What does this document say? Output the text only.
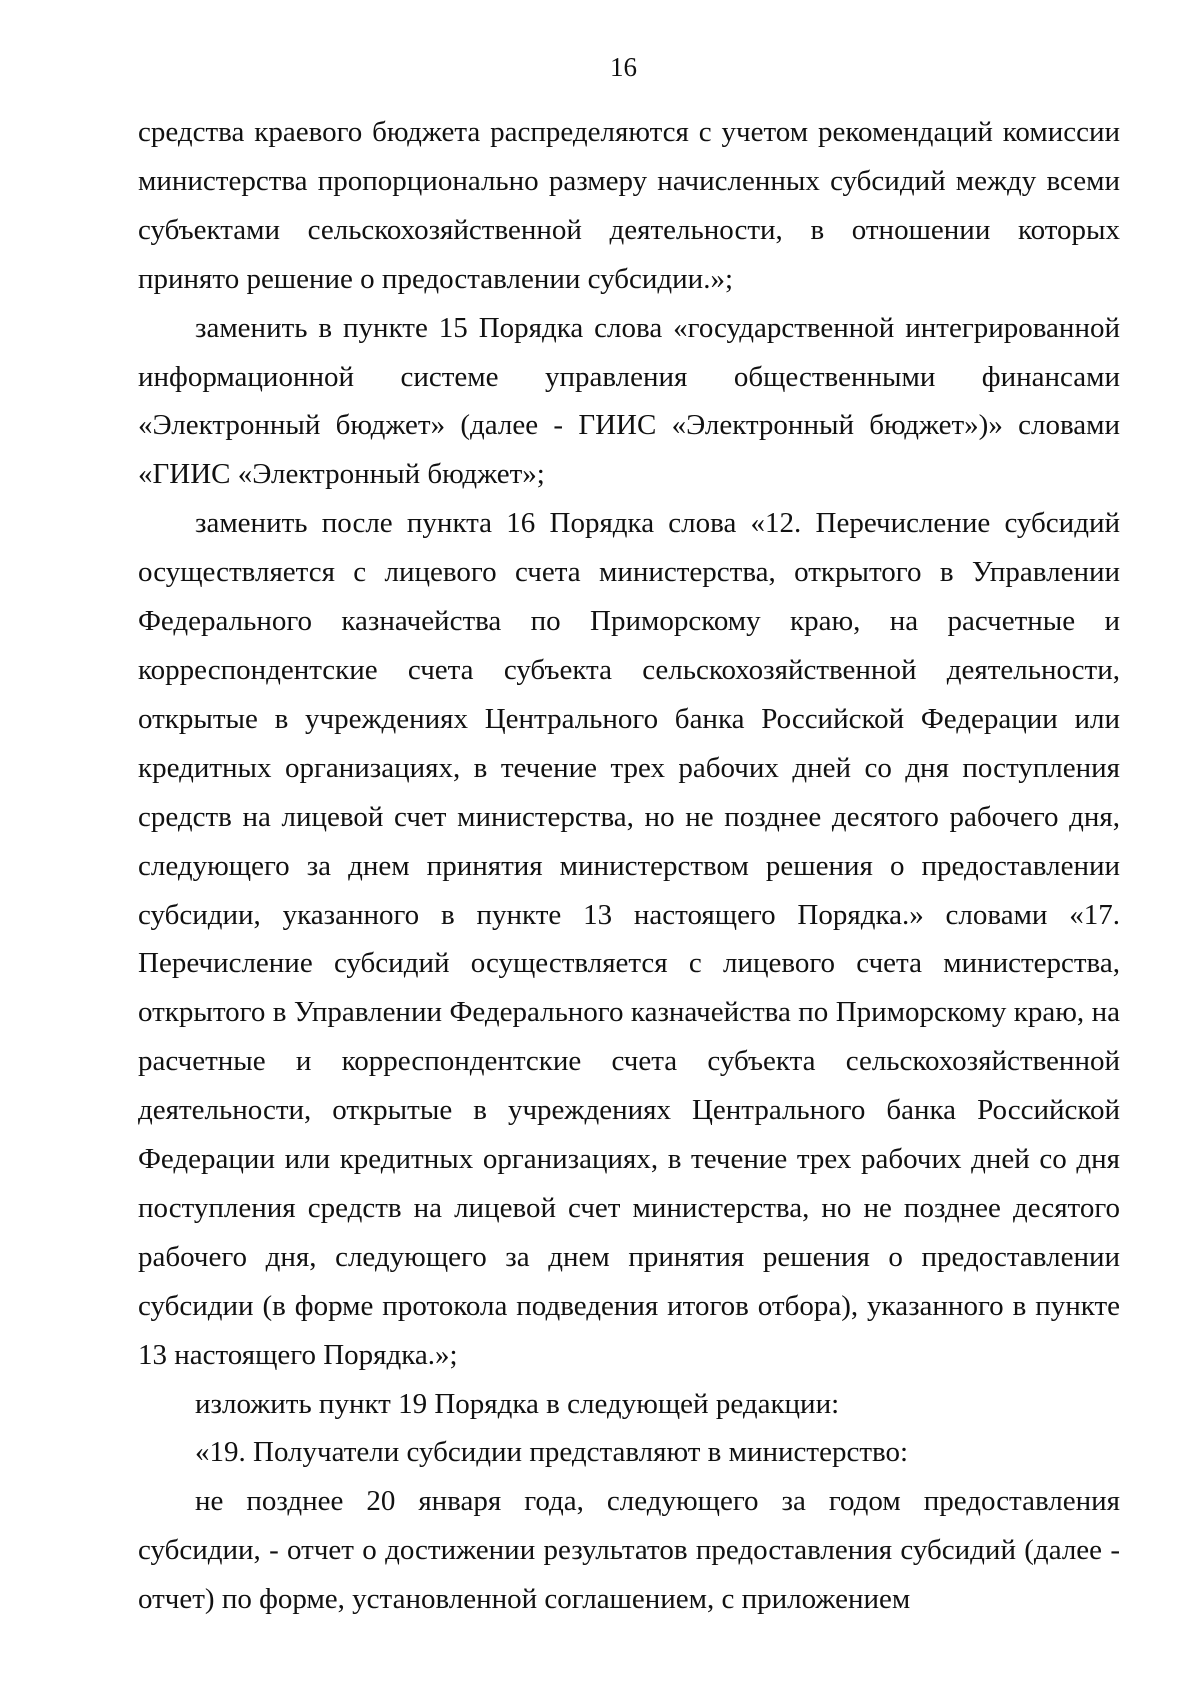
16

средства краевого бюджета распределяются с учетом рекомендаций комиссии министерства пропорционально размеру начисленных субсидий между всеми субъектами сельскохозяйственной деятельности, в отношении которых принято решение о предоставлении субсидии.»;

заменить в пункте 15 Порядка слова «государственной интегрированной информационной системе управления общественными финансами «Электронный бюджет» (далее - ГИИС «Электронный бюджет»)» словами «ГИИС «Электронный бюджет»;

заменить после пункта 16 Порядка слова «12. Перечисление субсидий осуществляется с лицевого счета министерства, открытого в Управлении Федерального казначейства по Приморскому краю, на расчетные и корреспондентские счета субъекта сельскохозяйственной деятельности, открытые в учреждениях Центрального банка Российской Федерации или кредитных организациях, в течение трех рабочих дней со дня поступления средств на лицевой счет министерства, но не позднее десятого рабочего дня, следующего за днем принятия министерством решения о предоставлении субсидии, указанного в пункте 13 настоящего Порядка.» словами «17. Перечисление субсидий осуществляется с лицевого счета министерства, открытого в Управлении Федерального казначейства по Приморскому краю, на расчетные и корреспондентские счета субъекта сельскохозяйственной деятельности, открытые в учреждениях Центрального банка Российской Федерации или кредитных организациях, в течение трех рабочих дней со дня поступления средств на лицевой счет министерства, но не позднее десятого рабочего дня, следующего за днем принятия решения о предоставлении субсидии (в форме протокола подведения итогов отбора), указанного в пункте 13 настоящего Порядка.»;

изложить пункт 19 Порядка в следующей редакции:

«19. Получатели субсидии представляют в министерство:

не позднее 20 января года, следующего за годом предоставления субсидии, - отчет о достижении результатов предоставления субсидий (далее - отчет) по форме, установленной соглашением, с приложением
